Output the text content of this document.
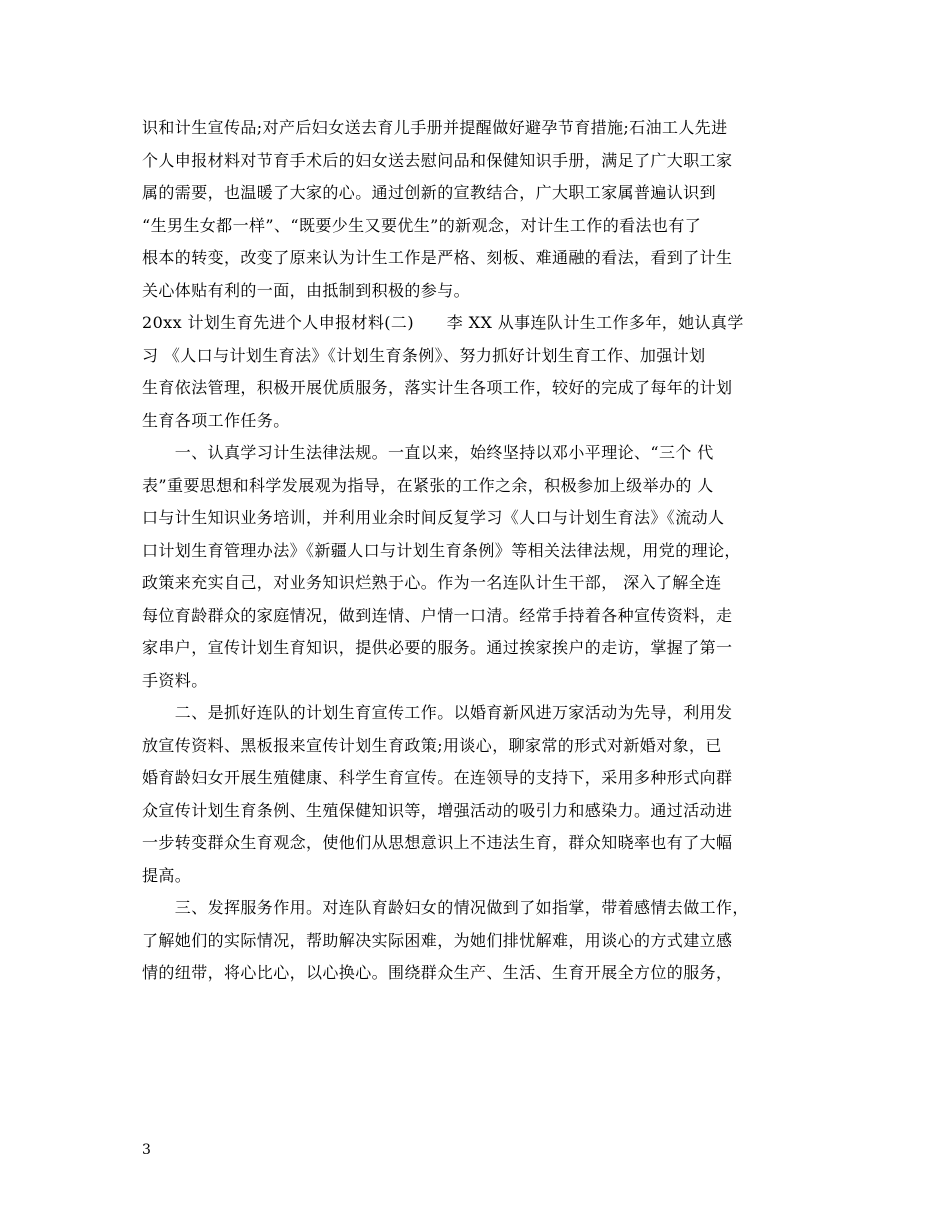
识和计生宣传品;对产后妇女送去育儿手册并提醒做好避孕节育措施;石油工人先进
个人申报材料对节育手术后的妇女送去慰问品和保健知识手册，满足了广大职工家
属的需要，也温暖了大家的心。通过创新的宣教结合，广大职工家属普遍认识到
“生男生女都一样”、“既要少生又要优生”的新观念，对计生工作的看法也有了
根本的转变，改变了原来认为计生工作是严格、刻板、难通融的看法，看到了计生
关心体贴有利的一面，由抵制到积极的参与。
20xx 计划生育先进个人申报材料(二)　　李 XX 从事连队计生工作多年，她认真学
习 《人口与计划生育法》《计划生育条例》、努力抓好计划生育工作、加强计划
生育依法管理，积极开展优质服务，落实计生各项工作，较好的完成了每年的计划
生育各项工作任务。
　　一、认真学习计生法律法规。一直以来，始终坚持以邓小平理论、“三个 代
表”重要思想和科学发展观为指导，在紧张的工作之余，积极参加上级举办的 人
口与计生知识业务培训，并利用业余时间反复学习《人口与计划生育法》《流动人
口计划生育管理办法》《新疆人口与计划生育条例》等相关法律法规，用党的理论，
政策来充实自己，对业务知识烂熟于心。作为一名连队计生干部， 深入了解全连
每位育龄群众的家庭情况，做到连情、户情一口清。经常手持着各种宣传资料，走
家串户，宣传计划生育知识，提供必要的服务。通过挨家挨户的走访，掌握了第一
手资料。
　　二、是抓好连队的计划生育宣传工作。以婚育新风进万家活动为先导，利用发
放宣传资料、黑板报来宣传计划生育政策;用谈心，聊家常的形式对新婚对象，已
婚育龄妇女开展生殖健康、科学生育宣传。在连领导的支持下，采用多种形式向群
众宣传计划生育条例、生殖保健知识等，增强活动的吸引力和感染力。通过活动进
一步转变群众生育观念，使他们从思想意识上不违法生育，群众知晓率也有了大幅
提高。
　　三、发挥服务作用。对连队育龄妇女的情况做到了如指掌，带着感情去做工作，
了解她们的实际情况，帮助解决实际困难，为她们排忧解难，用谈心的方式建立感
情的纽带，将心比心，以心换心。围绕群众生产、生活、生育开展全方位的服务，
3
